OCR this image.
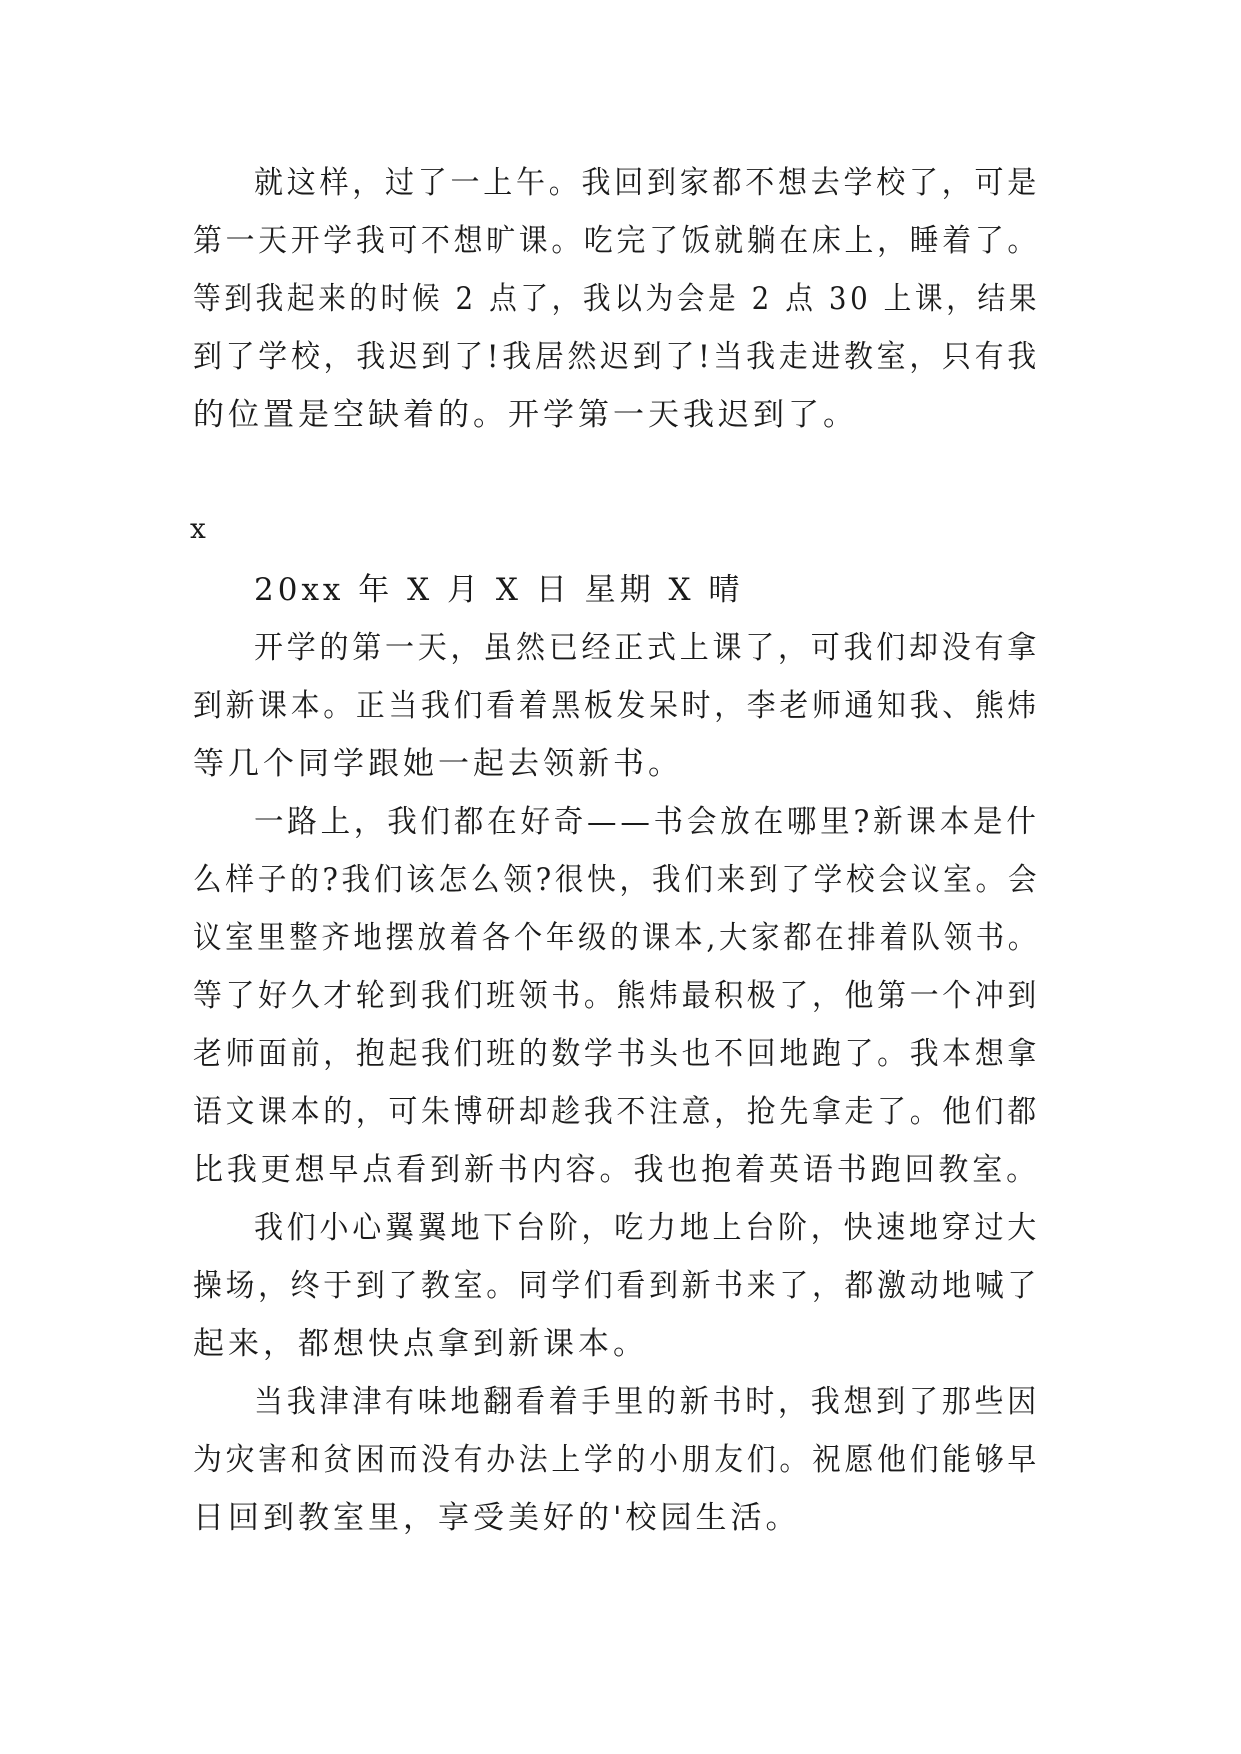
就这样，过了一上午。我回到家都不想去学校了，可是
第一天开学我可不想旷课。吃完了饭就躺在床上，睡着了。
等到我起来的时候 2 点了，我以为会是 2 点 30 上课，结果
到了学校，我迟到了!我居然迟到了!当我走进教室，只有我
的位置是空缺着的。开学第一天我迟到了。
x
20xx 年 X 月 X 日 星期 X 晴
开学的第一天，虽然已经正式上课了，可我们却没有拿
到新课本。正当我们看着黑板发呆时，李老师通知我、熊炜
等几个同学跟她一起去领新书。
一路上，我们都在好奇——书会放在哪里?新课本是什
么样子的?我们该怎么领?很快，我们来到了学校会议室。会
议室里整齐地摆放着各个年级的课本,大家都在排着队领书。
等了好久才轮到我们班领书。熊炜最积极了，他第一个冲到
老师面前，抱起我们班的数学书头也不回地跑了。我本想拿
语文课本的，可朱博研却趁我不注意，抢先拿走了。他们都
比我更想早点看到新书内容。我也抱着英语书跑回教室。
我们小心翼翼地下台阶，吃力地上台阶，快速地穿过大
操场，终于到了教室。同学们看到新书来了，都激动地喊了
起来，都想快点拿到新课本。
当我津津有味地翻看着手里的新书时，我想到了那些因
为灾害和贫困而没有办法上学的小朋友们。祝愿他们能够早
日回到教室里，享受美好的'校园生活。
